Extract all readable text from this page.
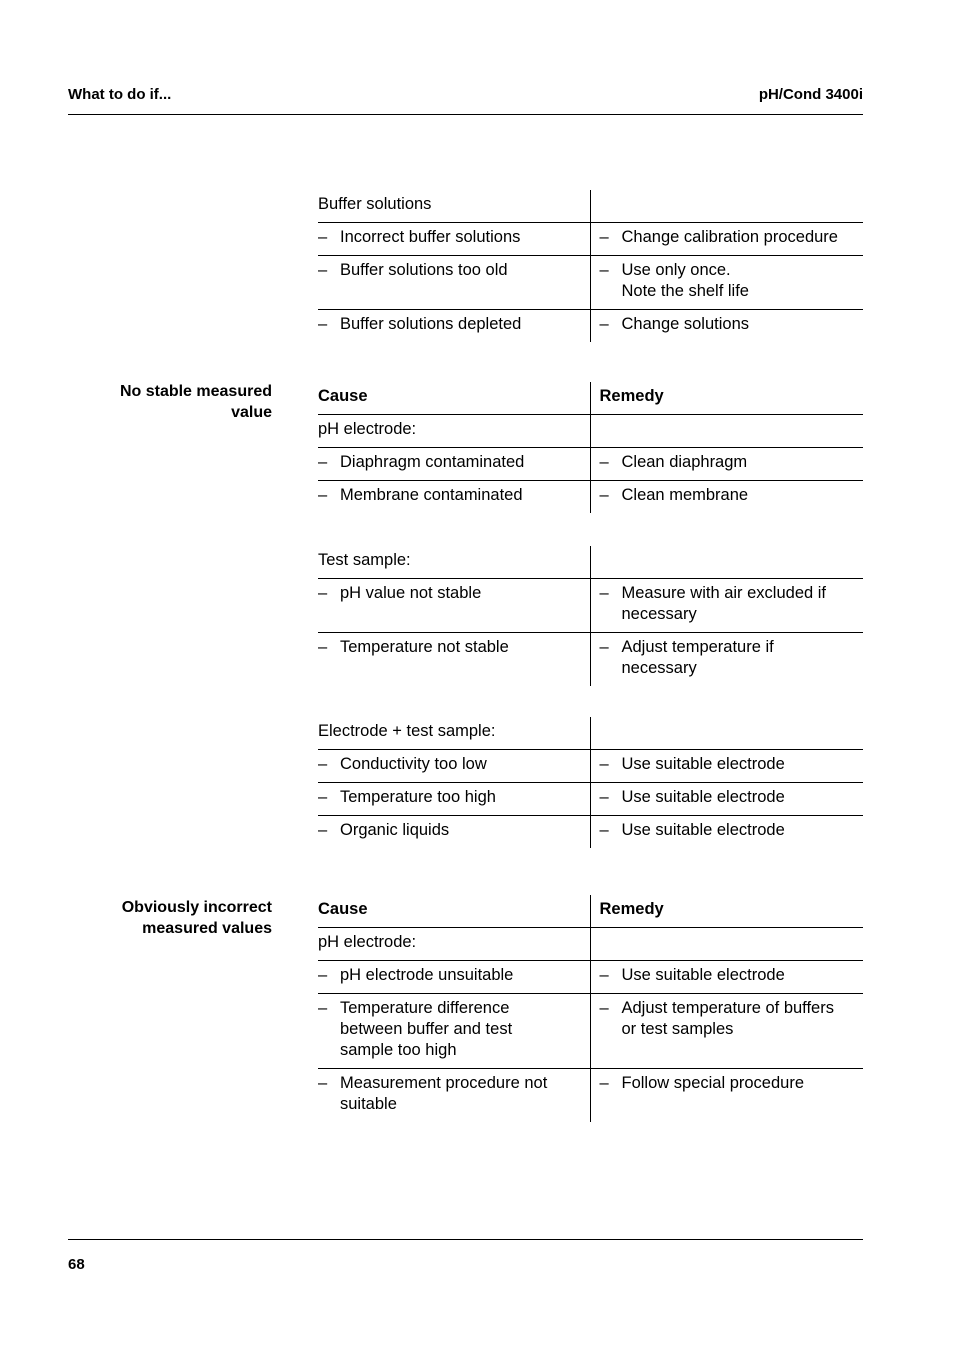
What to do if...	pH/Cond 3400i
Buffer solutions	

– Incorrect buffer solutions	– Change calibration procedure

– Buffer solutions too old	– Use only once.
Note the shelf life

– Buffer solutions depleted	– Change solutions
No stable measured
value
Cause	Remedy

pH electrode:	

– Diaphragm contaminated	– Clean diaphragm

– Membrane contaminated	– Clean membrane
Test sample:	

– pH value not stable	– Measure with air excluded if
necessary

– Temperature not stable	– Adjust temperature if
necessary
Electrode + test sample:	

– Conductivity too low	– Use suitable electrode

– Temperature too high	– Use suitable electrode

– Organic liquids	– Use suitable electrode
Obviously incorrect
measured values
Cause	Remedy

pH electrode:	

– pH electrode unsuitable	– Use suitable electrode

– Temperature difference
between buffer and test
sample too high	– Adjust temperature of buffers
or test samples

– Measurement procedure not
suitable	– Follow special procedure
68
